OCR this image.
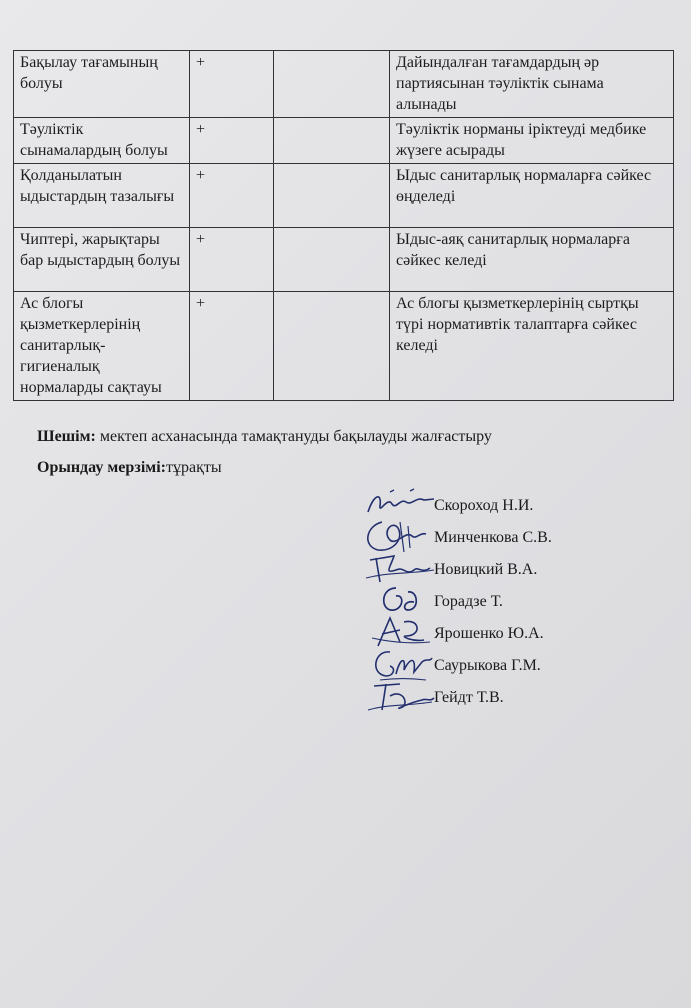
Бақылау тағамының болуы	+		Дайындалған тағамдардың әр партиясынан тәуліктік сынама алынады
Тәуліктік сынамалардың болуы	+		Тәуліктік норманы іріктеуді медбике жүзеге асырады
Қолданылатын ыдыстардың тазалығы	+		Ыдыс санитарлық нормаларға сәйкес өңделеді
Чиптері, жарықтары бар ыдыстардың болуы	+		Ыдыс-аяқ санитарлық нормаларға сәйкес келеді
Ас блогы қызметкерлерінің санитарлық-гигиеналық нормаларды сақтауы	+		Ас блогы қызметкерлерінің сыртқы түрі нормативтік талаптарға сәйкес келеді
Шешім: мектеп асханасында тамақтануды бақылауды жалғастыру
Орындау мерзімі:тұрақты
Скороход Н.И.
Минченкова С.В.
Новицкий В.А.
Горадзе Т.
Ярошенко Ю.А.
Саурыкова Г.М.
Гейдт Т.В.
